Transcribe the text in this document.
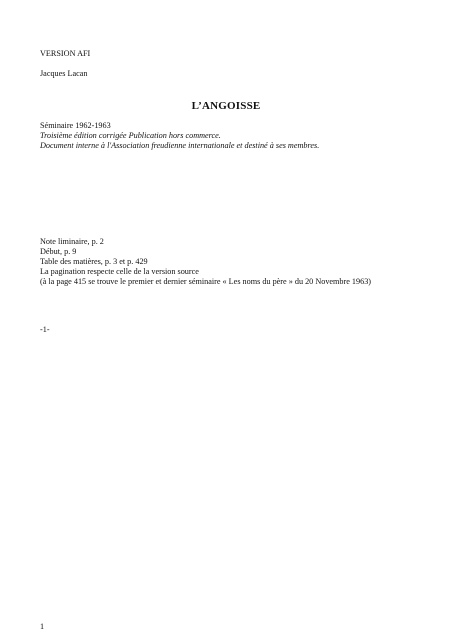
VERSION AFI
Jacques Lacan
L’ANGOISSE
Séminaire 1962-1963
Troisième édition corrigée Publication hors commerce.
Document interne à l'Association freudienne internationale et destiné à ses membres.
Note liminaire, p. 2
Début, p. 9
Table des matières, p. 3 et p. 429
La pagination respecte celle de la version source
(à la page 415 se trouve le premier et dernier séminaire « Les noms du père » du 20 Novembre 1963)
-1-
1
